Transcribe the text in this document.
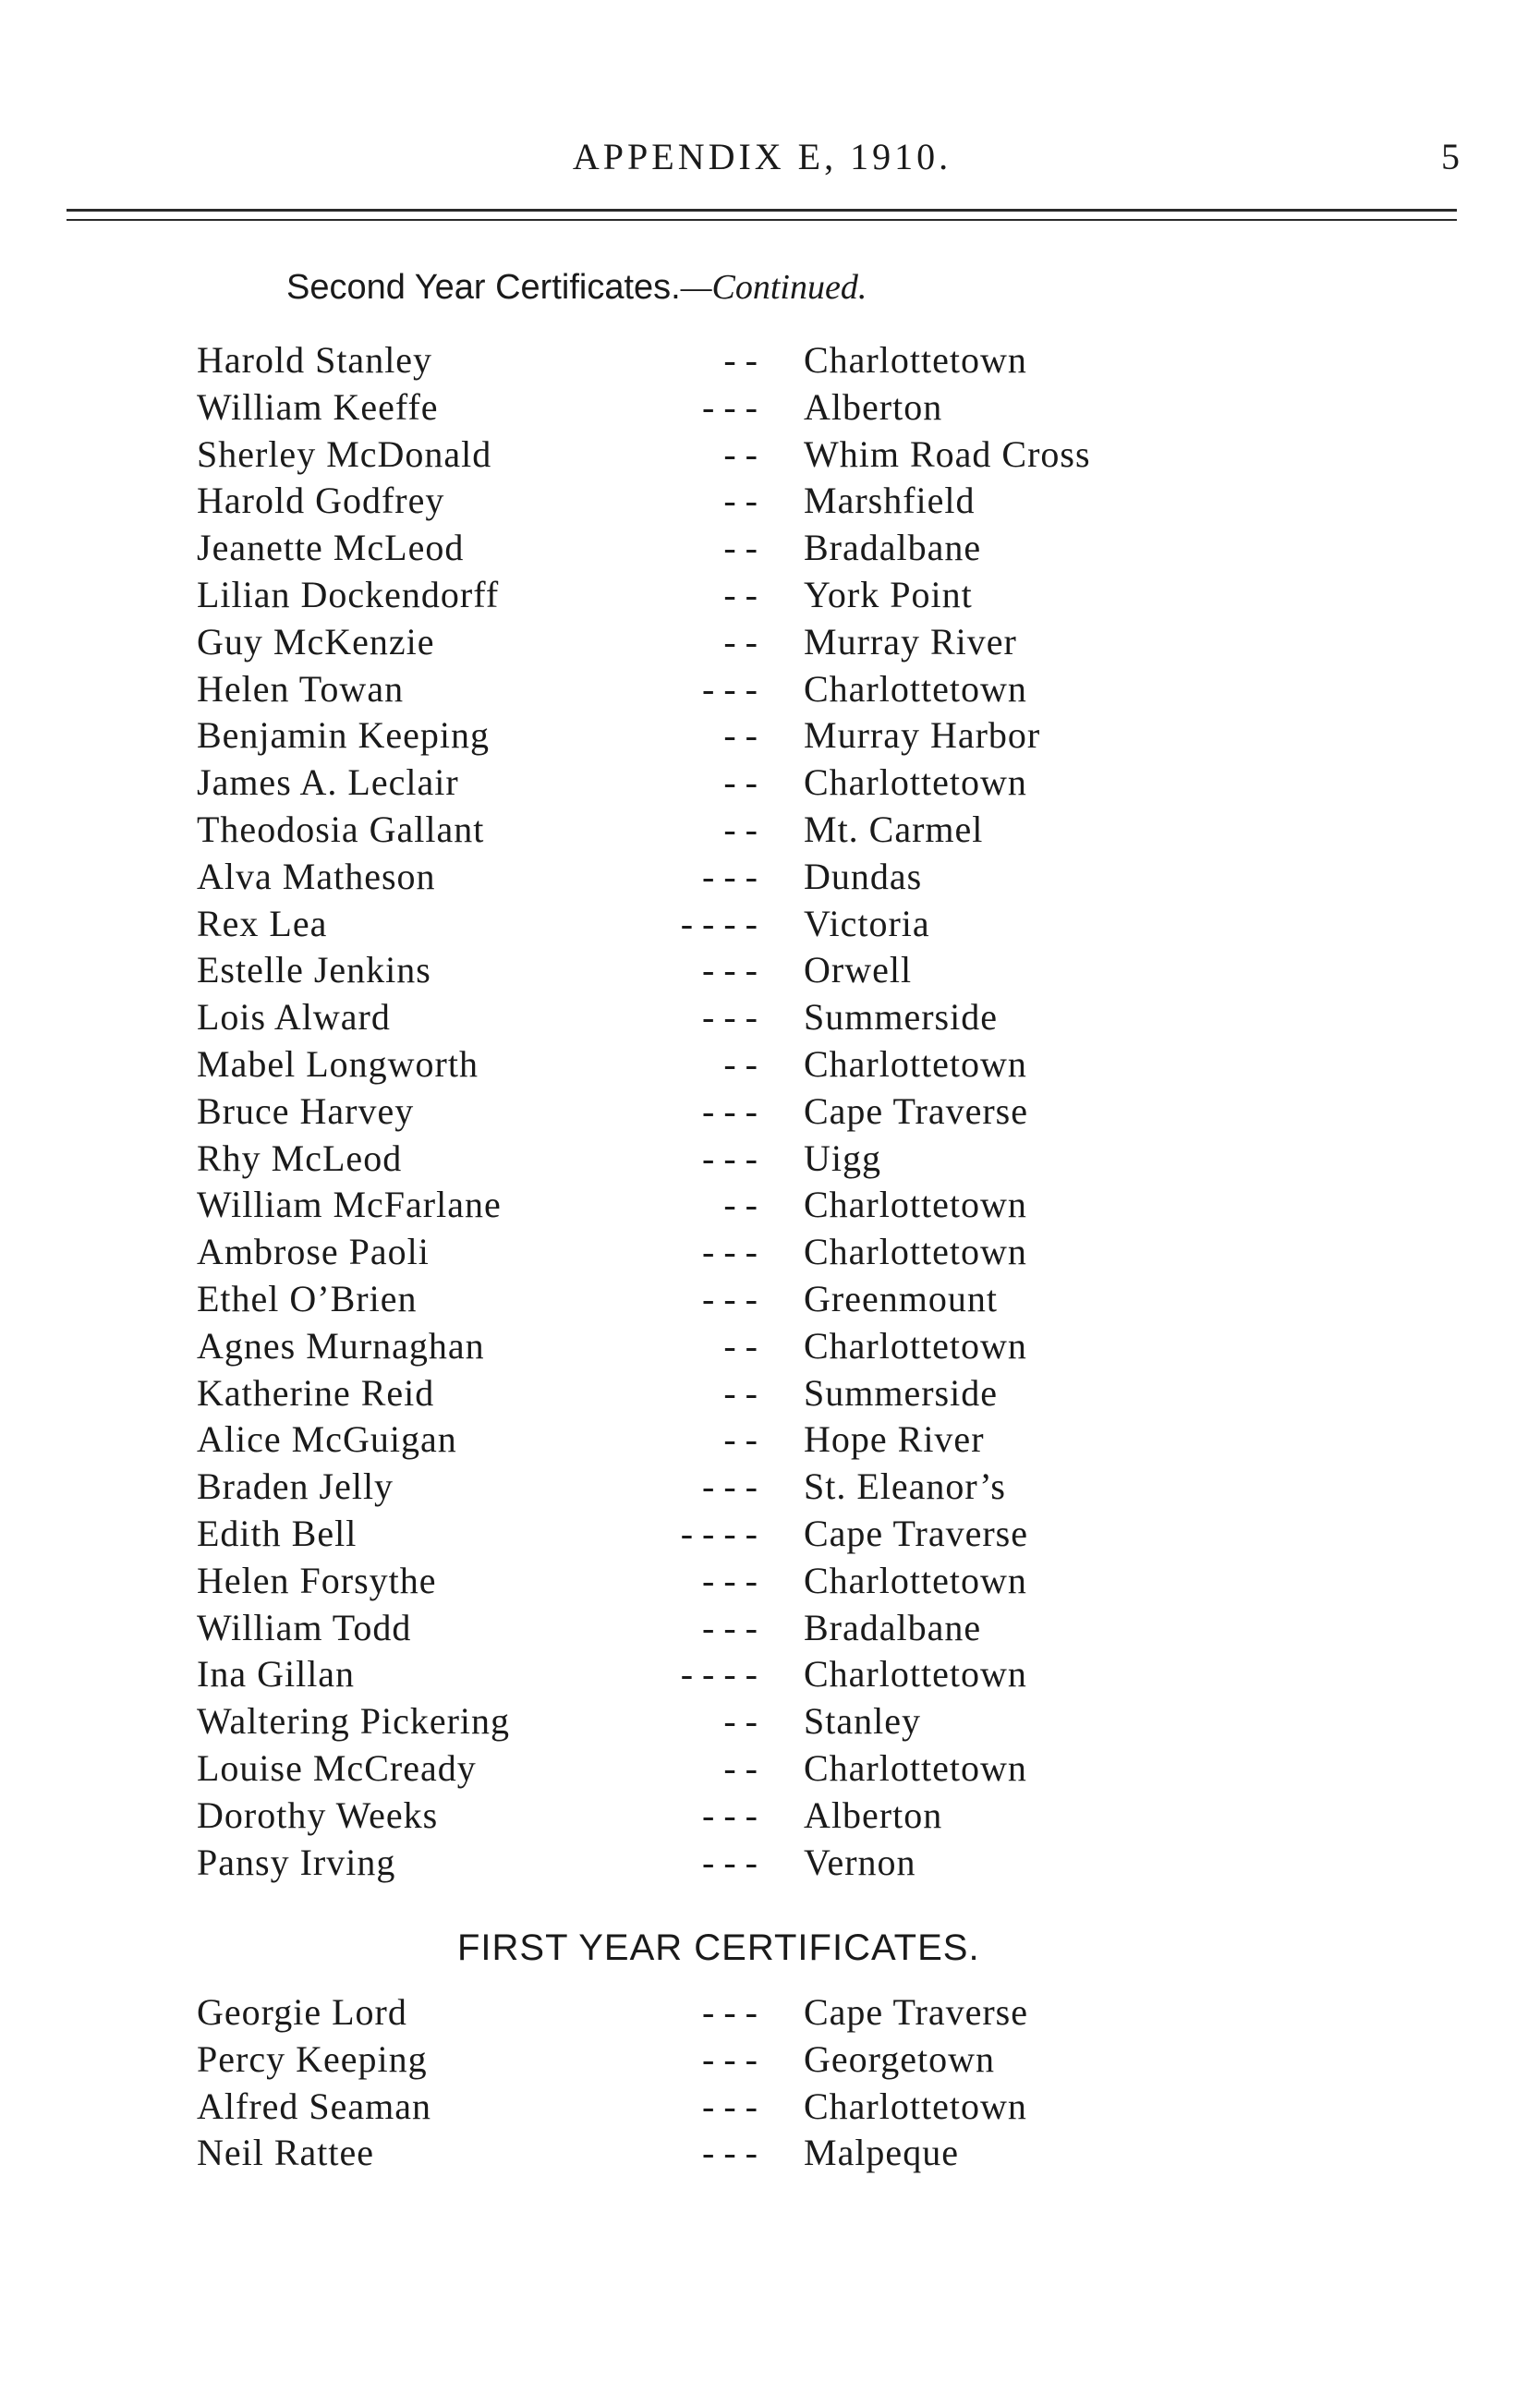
APPENDIX E, 1910.	5
Second Year Certificates.—Continued.
Harold Stanley	- - Charlottetown
William Keeffe	- - - Alberton
Sherley McDonald	- - Whim Road Cross
Harold Godfrey	- - Marshfield
Jeanette McLeod	- - Bradalbane
Lilian Dockendorff	- - York Point
Guy McKenzie	- - Murray River
Helen Towan	- - - Charlottetown
Benjamin Keeping	- - Murray Harbor
James A. Leclair	- - Charlottetown
Theodosia Gallant	- - Mt. Carmel
Alva Matheson	- - - Dundas
Rex Lea	- - - - Victoria
Estelle Jenkins	- - - Orwell
Lois Alward	- - - Summerside
Mabel Longworth	- - Charlottetown
Bruce Harvey	- - - Cape Traverse
Rhy McLeod	- - - Uigg
William McFarlane	- - Charlottetown
Ambrose Paoli	- - - Charlottetown
Ethel O’Brien	- - - Greenmount
Agnes Murnaghan	- - Charlottetown
Katherine Reid	- - Summerside
Alice McGuigan	- - Hope River
Braden Jelly	- - - St. Eleanor’s
Edith Bell	- - - - Cape Traverse
Helen Forsythe	- - - Charlottetown
William Todd	- - - Bradalbane
Ina Gillan	- - - - Charlottetown
Waltering Pickering	- - Stanley
Louise McCready	- - Charlottetown
Dorothy Weeks	- - - Alberton
Pansy Irving	- - - Vernon
FIRST YEAR CERTIFICATES.
Georgie Lord	- - - Cape Traverse
Percy Keeping	- - - Georgetown
Alfred Seaman	- - - Charlottetown
Neil Rattee	- - - Malpeque
